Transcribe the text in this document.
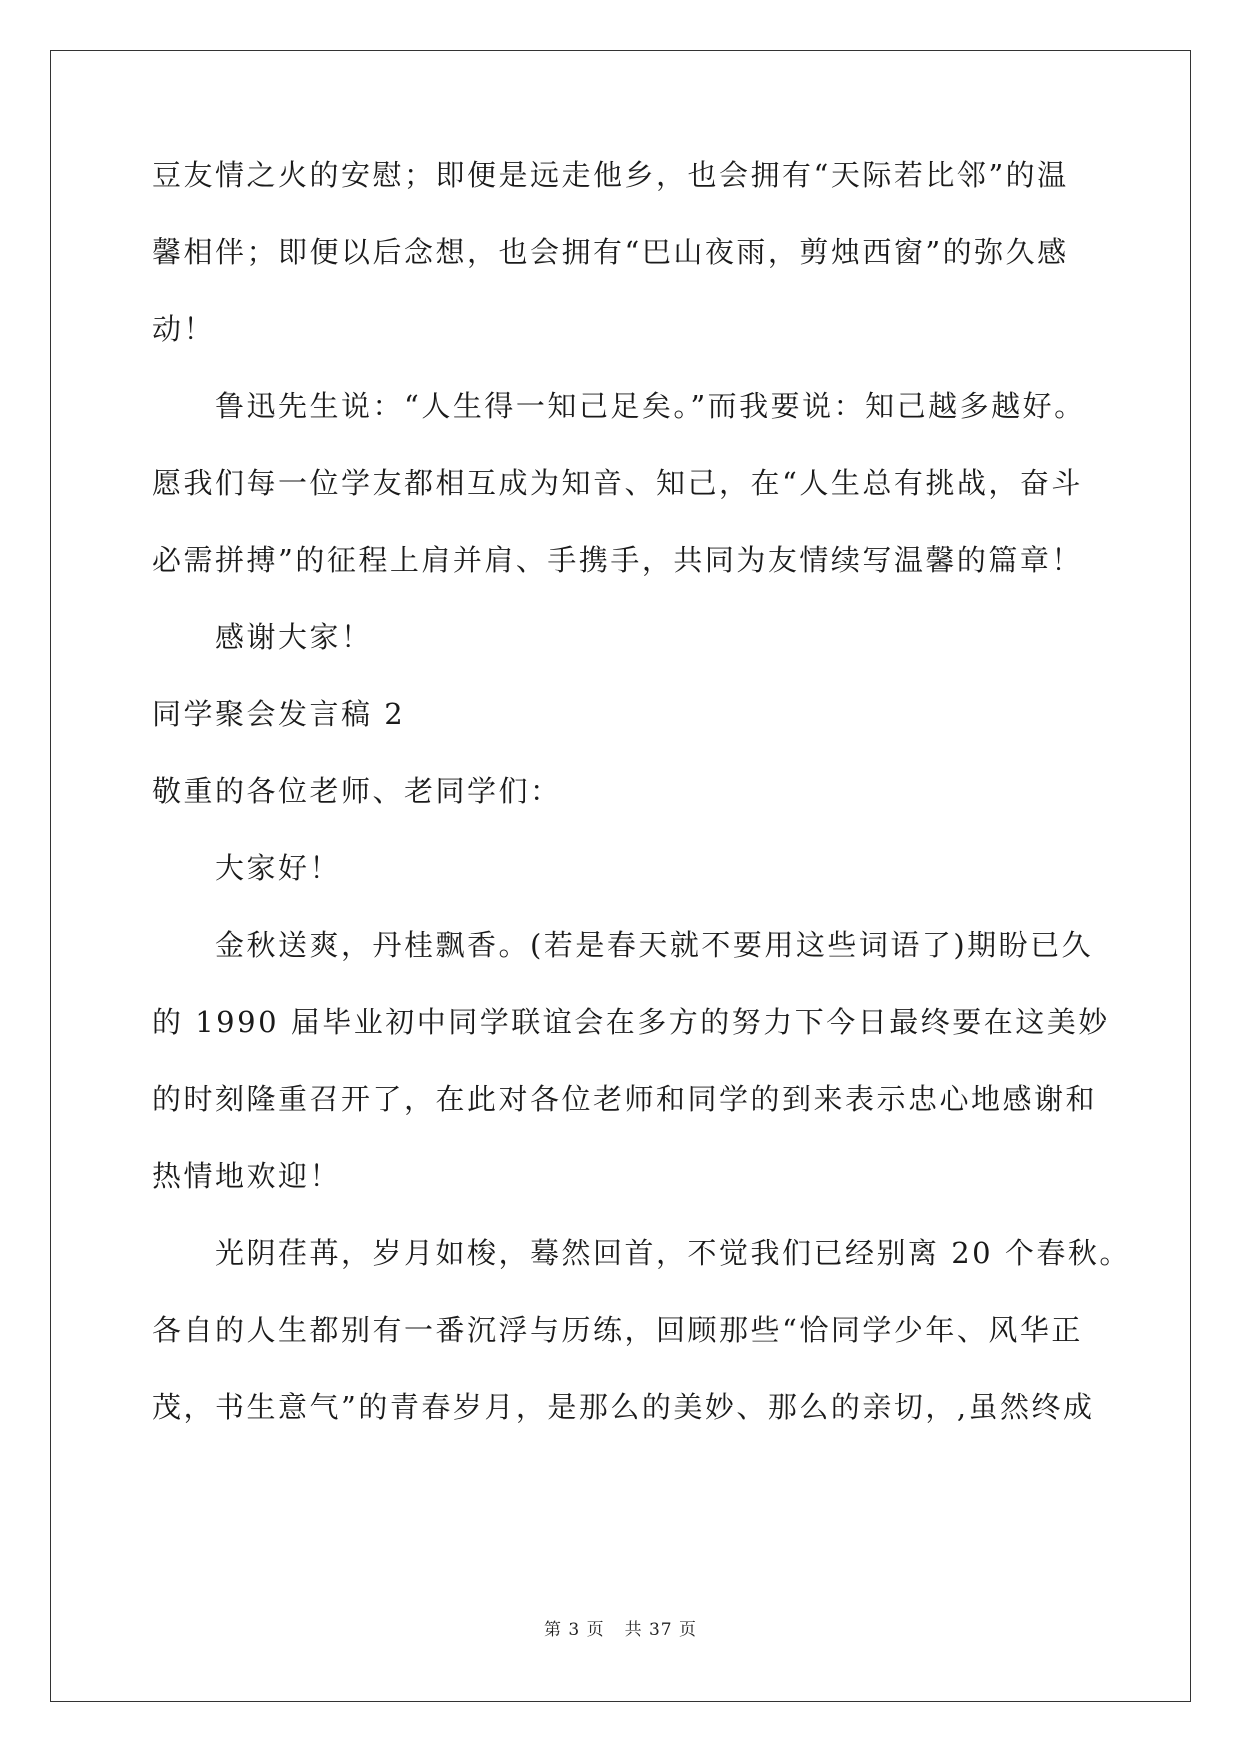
豆友情之火的安慰；即便是远走他乡，也会拥有“天际若比邻”的温

馨相伴；即便以后念想，也会拥有“巴山夜雨，剪烛西窗”的弥久感

动！

鲁迅先生说：“人生得一知己足矣。”而我要说：知己越多越好。

愿我们每一位学友都相互成为知音、知己，在“人生总有挑战，奋斗

必需拼搏”的征程上肩并肩、手携手，共同为友情续写温馨的篇章！

感谢大家！

同学聚会发言稿 2

敬重的各位老师、老同学们：

大家好！

金秋送爽，丹桂飘香。(若是春天就不要用这些词语了)期盼已久

的 1990 届毕业初中同学联谊会在多方的努力下今日最终要在这美妙

的时刻隆重召开了，在此对各位老师和同学的到来表示忠心地感谢和

热情地欢迎！

光阴荏苒，岁月如梭，蓦然回首，不觉我们已经别离 20 个春秋。

各自的人生都别有一番沉浮与历练，回顾那些“恰同学少年、风华正

茂，书生意气”的青春岁月，是那么的美妙、那么的亲切，,虽然终成

第 3 页 共 37 页
